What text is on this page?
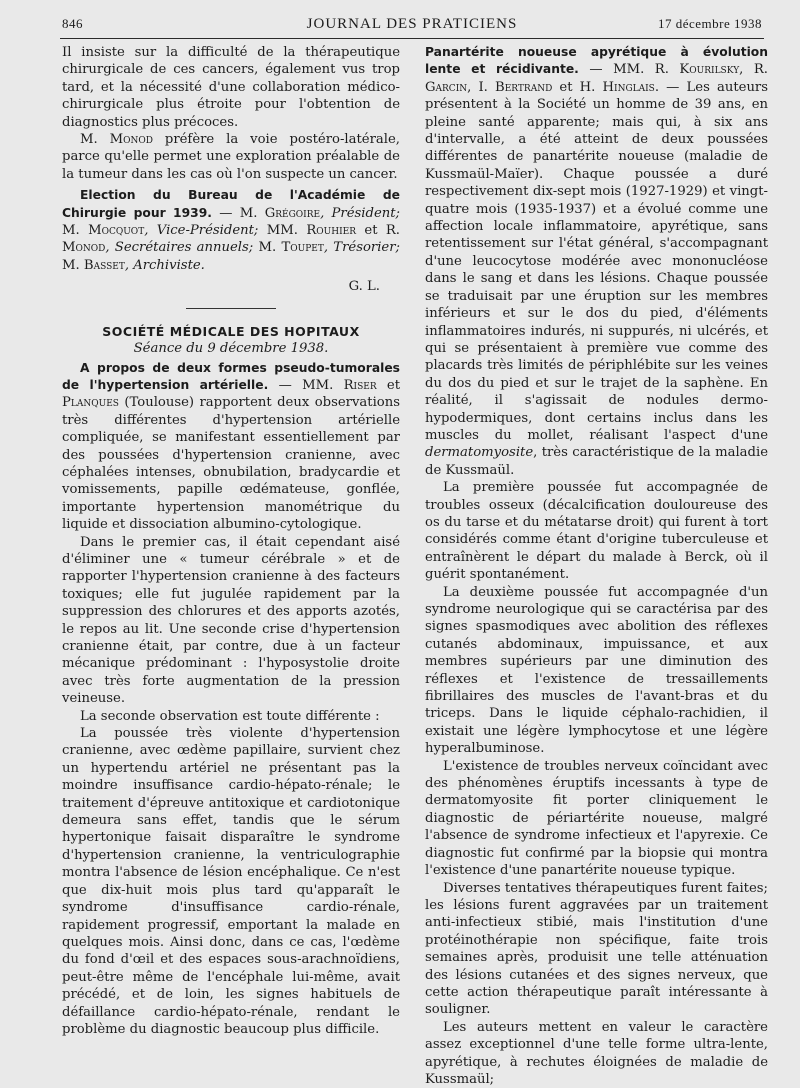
846	JOURNAL DES PRATICIENS	17 décembre 1938

Il insiste sur la difficulté de la thérapeutique chirurgicale de ces cancers, également vus trop tard, et la nécessité d'une collaboration médico-chirurgicale plus étroite pour l'obtention de diagnostics plus précoces.

M. Monod préfère la voie postéro-latérale, parce qu'elle permet une exploration préalable de la tumeur dans les cas où l'on suspecte un cancer.

Election du Bureau de l'Académie de Chirurgie pour 1939. — M. Grégoire, Président; M. Mocquot, Vice-Président; MM. Rouhier et R. Monod, Secrétaires annuels; M. Toupet, Trésorier; M. Basset, Archiviste.

G. L.
SOCIÉTÉ MÉDICALE DES HOPITAUX
Séance du 9 décembre 1938.

A propos de deux formes pseudo-tumorales de l'hypertension artérielle. — MM. Riser et Planques (Toulouse) rapportent deux observations très différentes d'hypertension artérielle compliquée, se manifestant essentiellement par des poussées d'hypertension cranienne, avec céphalées intenses, obnubilation, bradycardie et vomissements, papille œdémateuse, gonflée, importante hypertension manométrique du liquide et dissociation albumino-cytologique.

Dans le premier cas, il était cependant aisé d'éliminer une « tumeur cérébrale » et de rapporter l'hypertension cranienne à des facteurs toxiques; elle fut jugulée rapidement par la suppression des chlorures et des apports azotés, le repos au lit. Une seconde crise d'hypertension cranienne était, par contre, due à un facteur mécanique prédominant : l'hyposystolie droite avec très forte augmentation de la pression veineuse.

La seconde observation est toute différente :

La poussée très violente d'hypertension cranienne, avec œdème papillaire, survient chez un hypertendu artériel ne présentant pas la moindre insuffisance cardio-hépato-rénale; le traitement d'épreuve antitoxique et cardiotonique demeura sans effet, tandis que le sérum hypertonique faisait disparaître le syndrome d'hypertension cranienne, la ventriculographie montra l'absence de lésion encéphalique. Ce n'est que dix-huit mois plus tard qu'apparaît le syndrome d'insuffisance cardio-rénale, rapidement progressif, emportant la malade en quelques mois. Ainsi donc, dans ce cas, l'œdème du fond d'œil et des espaces sous-arachnoïdiens, peut-être même de l'encéphale lui-même, avait précédé, et de loin, les signes habituels de défaillance cardio-hépato-rénale, rendant le problème du diagnostic beaucoup plus difficile.

Panartérite noueuse apyrétique à évolution lente et récidivante. — MM. R. Kourilsky, R. Garcin, I. Bertrand et H. Hinglais. — Les auteurs présentent à la Société un homme de 39 ans, en pleine santé apparente; mais qui, à six ans d'intervalle, a été atteint de deux poussées différentes de panartérite noueuse (maladie de Kussmaül-Maïer). Chaque poussée a duré respectivement dix-sept mois (1927-1929) et vingt-quatre mois (1935-1937) et a évolué comme une affection locale inflammatoire, apyrétique, sans retentissement sur l'état général, s'accompagnant d'une leucocytose modérée avec mononucléose dans le sang et dans les lésions. Chaque poussée se traduisait par une éruption sur les membres inférieurs et sur le dos du pied, d'éléments inflammatoires indurés, ni suppurés, ni ulcérés, et qui se présentaient à première vue comme des placards très limités de périphlébite sur les veines du dos du pied et sur le trajet de la saphène. En réalité, il s'agissait de nodules dermo-hypodermiques, dont certains inclus dans les muscles du mollet, réalisant l'aspect d'une dermatomyosite, très caractéristique de la maladie de Kussmaül.

La première poussée fut accompagnée de troubles osseux (décalcification douloureuse des os du tarse et du métatarse droit) qui furent à tort considérés comme étant d'origine tuberculeuse et entraînèrent le départ du malade à Berck, où il guérit spontanément.

La deuxième poussée fut accompagnée d'un syndrome neurologique qui se caractérisa par des signes spasmodiques avec abolition des réflexes cutanés abdominaux, impuissance, et aux membres supérieurs par une diminution des réflexes et l'existence de tressaillements fibrillaires des muscles de l'avant-bras et du triceps. Dans le liquide céphalo-rachidien, il existait une légère lymphocytose et une légère hyperalbuminose.

L'existence de troubles nerveux coïncidant avec des phénomènes éruptifs incessants à type de dermatomyosite fit porter cliniquement le diagnostic de périartérite noueuse, malgré l'absence de syndrome infectieux et l'apyrexie. Ce diagnostic fut confirmé par la biopsie qui montra l'existence d'une panartérite noueuse typique.

Diverses tentatives thérapeutiques furent faites; les lésions furent aggravées par un traitement anti-infectieux stibié, mais l'institution d'une protéinothérapie non spécifique, faite trois semaines après, produisit une telle atténuation des lésions cutanées et des signes nerveux, que cette action thérapeutique paraît intéressante à souligner.

Les auteurs mettent en valeur le caractère assez exceptionnel d'une telle forme ultra-lente, apyrétique, à rechutes éloignées de maladie de Kussmaül;
